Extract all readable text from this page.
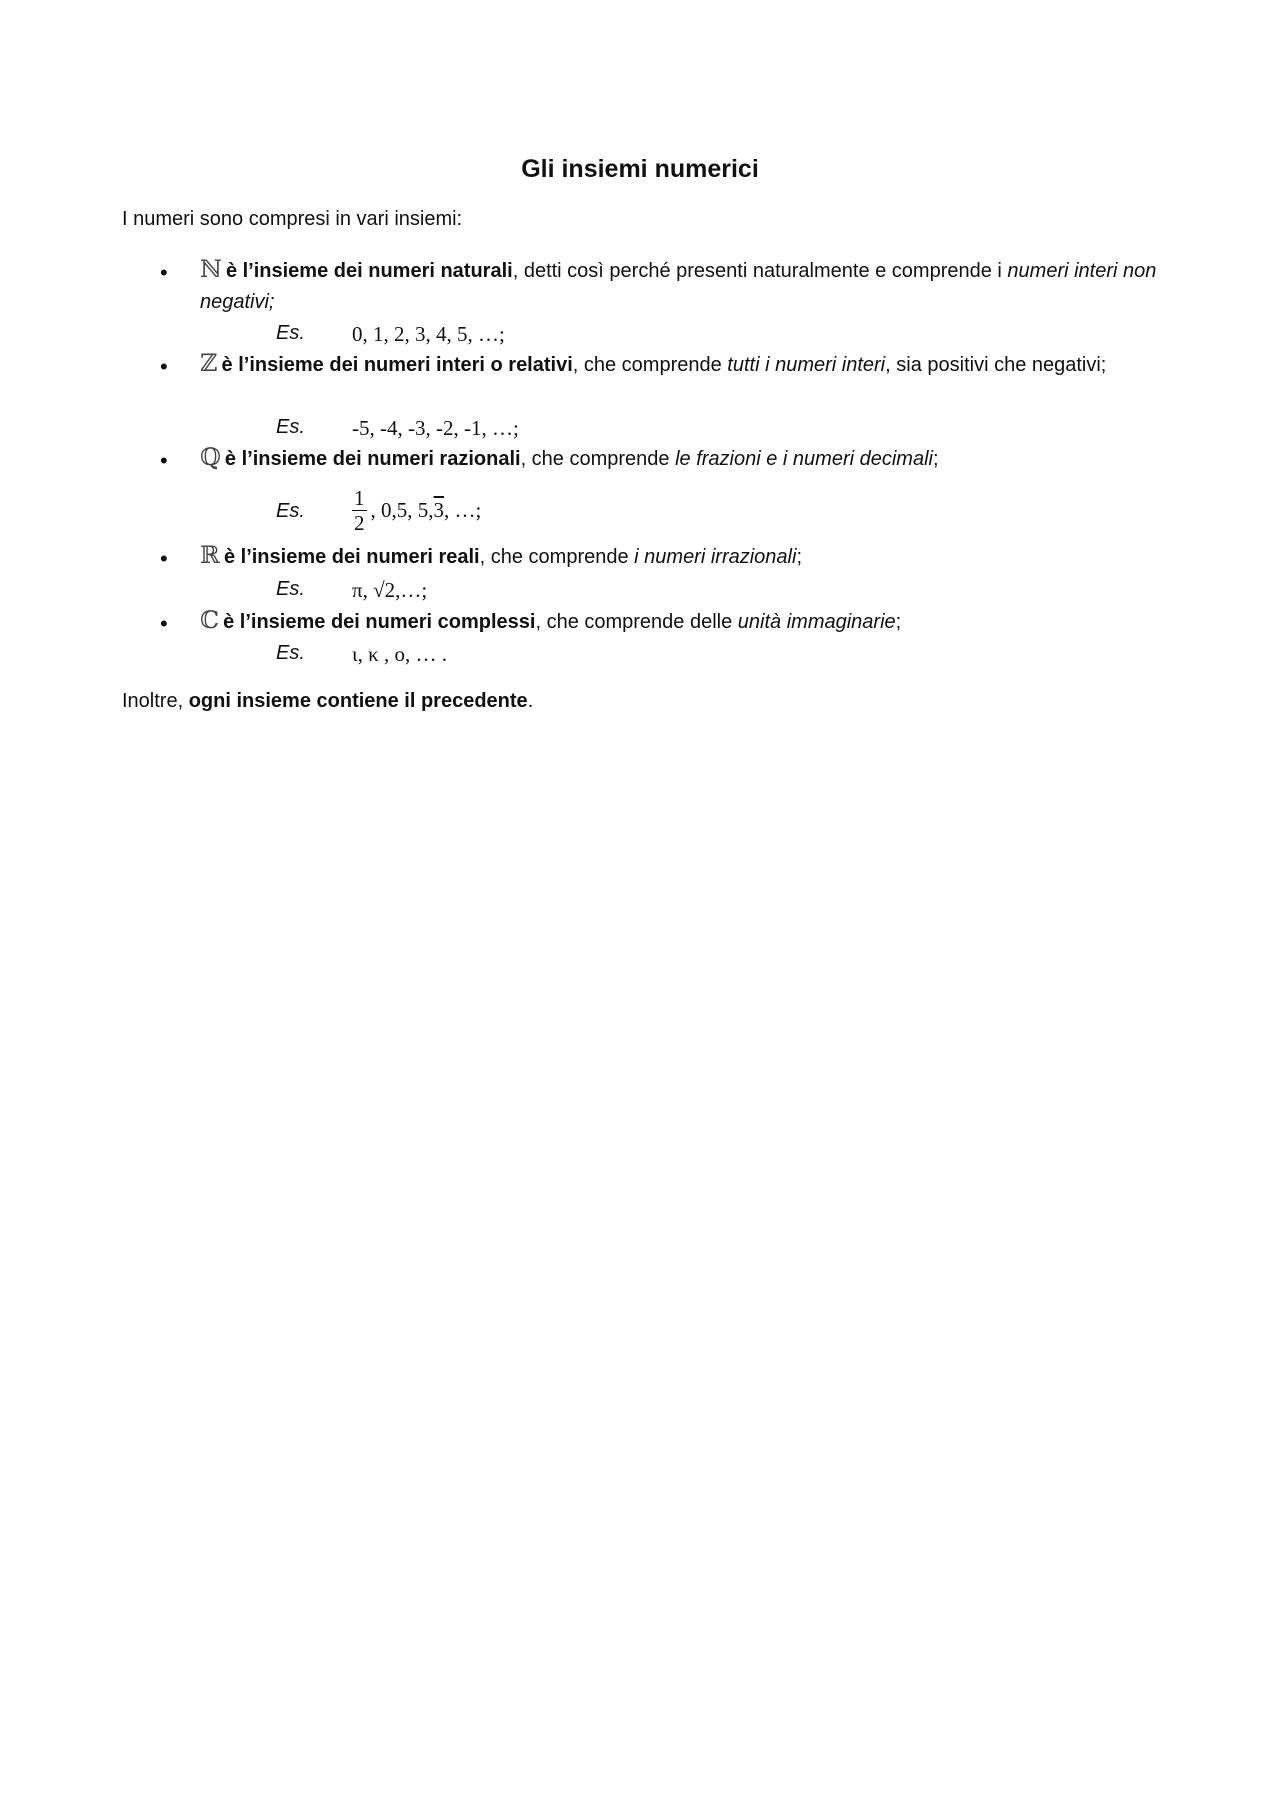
Gli insiemi numerici
I numeri sono compresi in vari insiemi:
• ℕ è l’insieme dei numeri naturali, detti così perché presenti naturalmente e comprende i numeri interi non negativi;
Es. 0, 1, 2, 3, 4, 5, …;
• ℤ è l’insieme dei numeri interi o relativi, che comprende tutti i numeri interi, sia positivi che negativi;
Es. -5, -4, -3, -2, -1, …;
• ℚ è l’insieme dei numeri razionali, che comprende le frazioni e i numeri decimali;
Es. $\frac{1}{2}$ , 0,5, 5,3, …;
• ℝ è l’insieme dei numeri reali, che comprende i numeri irrazionali;
Es. π, √2,…;
• ℂ è l’insieme dei numeri complessi, che comprende delle unità immaginarie;
Es. ι, κ , ο, … .
Inoltre, ogni insieme contiene il precedente.
